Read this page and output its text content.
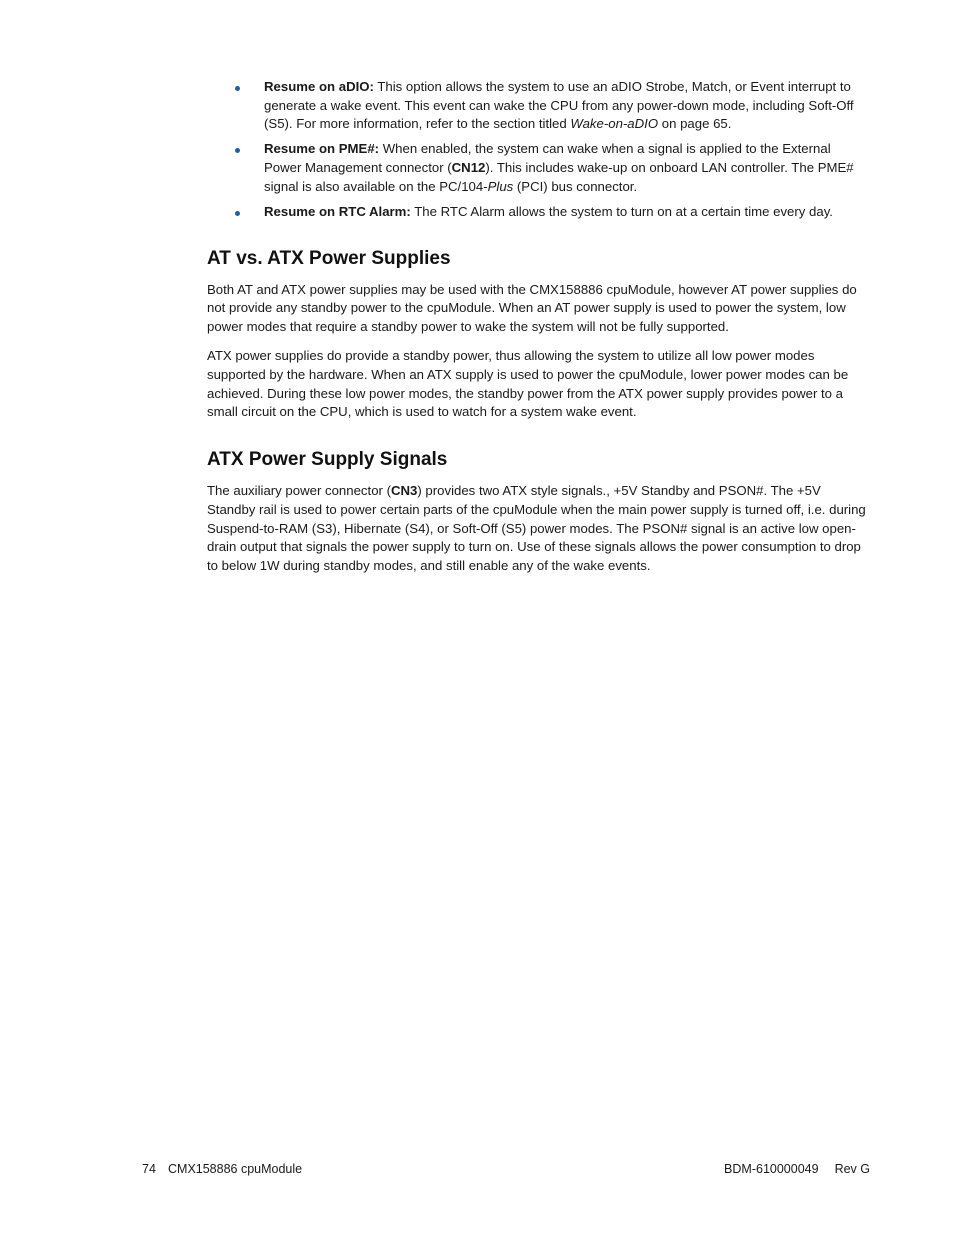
Resume on aDIO: This option allows the system to use an aDIO Strobe, Match, or Event interrupt to generate a wake event. This event can wake the CPU from any power-down mode, including Soft-Off (S5). For more information, refer to the section titled Wake-on-aDIO on page 65.
Resume on PME#: When enabled, the system can wake when a signal is applied to the External Power Management connector (CN12). This includes wake-up on onboard LAN controller. The PME# signal is also available on the PC/104-Plus (PCI) bus connector.
Resume on RTC Alarm: The RTC Alarm allows the system to turn on at a certain time every day.
AT vs. ATX Power Supplies

Both AT and ATX power supplies may be used with the CMX158886 cpuModule, however AT power supplies do not provide any standby power to the cpuModule. When an AT power supply is used to power the system, low power modes that require a standby power to wake the system will not be fully supported.

ATX power supplies do provide a standby power, thus allowing the system to utilize all low power modes supported by the hardware. When an ATX supply is used to power the cpuModule, lower power modes can be achieved. During these low power modes, the standby power from the ATX power supply provides power to a small circuit on the CPU, which is used to watch for a system wake event.

ATX Power Supply Signals

The auxiliary power connector (CN3) provides two ATX style signals., +5V Standby and PSON#. The +5V Standby rail is used to power certain parts of the cpuModule when the main power supply is turned off, i.e. during Suspend-to-RAM (S3), Hibernate (S4), or Soft-Off (S5) power modes. The PSON# signal is an active low open-drain output that signals the power supply to turn on. Use of these signals allows the power consumption to drop to below 1W during standby modes, and still enable any of the wake events.

74 CMX158886 cpuModule	BDM-610000049 Rev G
